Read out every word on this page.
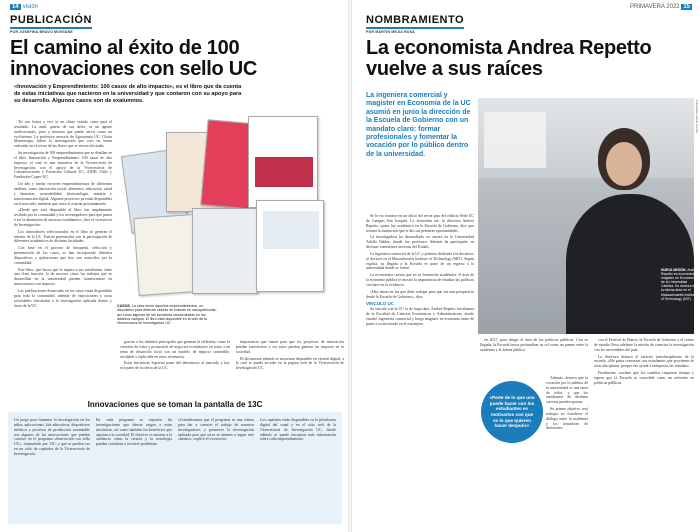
14 visión
PUBLICACIÓN
POR JOSEFINA BRAVO MONTANE
El camino al éxito de 100 innovaciones con sello UC
«Innovación y Emprendimiento: 100 casos de alto impacto», es el libro que da cuenta de estas iniciativas que nacieron en la universidad y que contaron con su apoyo para su desarrollo. Algunos casos son de exalumnos.

Tri con frutos y vivi se un cliaro vestido casos para el resultado. La amlí, quarto de sus deles, es un agente unificacionais, pero y muestra que puede servir como un ecoSistema. La profesora asesoría de Agronomía UC, Gloria Montenegro, lideró la investigación que creó un kenar enfocado en el sector de las flores que se vieron afectadas.

Su investigación de 100 emprendimientos que se detallan en el libro Innovación y Emprendimiento: 100 casos de alto impacto, el cual es una iniciativa de la Vicerrectoría de Investigación, con el apoyo de la Vicerrectoría de Comunicaciones y Extensión Cultural UC, ANID, Chile y Fundación Copec-UC.

Un año y medio recorren emprendimientos de diferentes ámbitos, como innovación social, alimentos, educación, salud y bienestar, sostenibilidad, biotecnología, minería y transformación digital. Algunos proyectos ya están disponibles en el mercado, mientras que otros lo estarán próximamente.

«Desde que está disponible el libro fue ampliamente recibido por la comunidad y los investigadores para que pasen a ser la dimensión de nuestros estudiantes», dice el vicerrector de Investigación.

Los innovadores seleccionados en el libro se generan el interior de la UC. Fueron presentados con la participación de diferentes académicos de distintas facultades.

Con base en el proceso de búsqueda, selección y presentación de los casos, se han incorporado distintos dispositivos y aplicaciones que hoy son conocidos por la comunidad.

Este libro, que busca que lo inspire a sus estudiantes, tiene una clara función: la de mostrar cómo los trabajos que se desarrollan en la universidad pueden transformarse en innovaciones con impacto.

Las publicaciones destacadas en los casos están disponibles para toda la comunidad, además de exposiciones y otras actividades vinculadas a la investigación aplicada dentro y fuera de la UC.	CASOS. La obra reúne aquellos emprendimientos, un dispositivo para detectar células de mamas en nanopartículas; así como algunas de las iniciativas desarrolladas en los distintos campus. El libro está disponible en la web de la Vicerrectoría de Investigación UC.

gracias a los distintos principales que generan la reflexión, como la creación de valor y promoción de negocios económicos en torno a un tema de desarrollo local con un modelo de negocio sostenible, escalable y replicable en otros escenarios.

Estas iniciativas lograron pasar del laboratorio al mercado y hoy son parte de la oferta de la UC.

importancia que tienen para que los proyectos de innovación puedan transferirse y así estos puedan generar un impacto en la sociedad.

El documento además se encuentra disponible en versión digital, a la cual se puede acceder en la página web de la Vicerrectoría de Investigación UC.

Innovaciones que se toman la pantalla de 13C
Un juego para fomentar la investigación en los niños, aplicaciones, kits educativos, dispositivos médicos y procesos de producción sustentable son algunos de los innovaciones que pueden conocer en el programa «Innovación con sello UC», transmitido por 13C, y que se pueden ver en un ciclo de capítulos de la Vicerrectoría de Investigación.
En cada programa se exponen las investigaciones que dieron origen a estas iniciativas, así como también los beneficios que aportan a la sociedad. El objetivo es mostrar a la audiencia cómo la ciencia y la tecnología pueden contribuir a resolver problemas.
«Consideramos que el programa es una vitrina para dar a conocer el trabajo de nuestros investigadores y promover la investigación aplicada para que otros se animen a seguir este camino», explicó el vicerrector.
Los capítulos están disponibles en la plataforma digital del canal y en el sitio web de la Vicerrectoría de Investigación UC, donde además se puede encontrar más información sobre cada emprendimiento.
PRIMAVERA 2022 15
NOMBRAMIENTO
POR MARTIN MEJIA ROSA
La economista Andrea Repetto vuelve a sus raíces
La ingeniera comercial y magíster en Economía de la UC asumió en junio la dirección de la Escuela de Gobierno con un mandato claro: formar profesionales y fomentar la vocación por lo público dentro de la universidad.
Fotografía: César Cortés
NUEVA MISIÓN. Andrea Repetto es economista y magíster en Economía de la Universidad Católica. Es doctora en la misma área en el Massachusetts Institute of Technology (MIT).

Se le vio reunirse en un oficio del tercer piso del edificio Sede UC de Campus San Joaquín. Lo recuerdan así: la directora Andrea Repetto, quien fue académica en la Escuela de Gobierno, dice que retoma la institución que le dio sus primeras oportunidades.

La investigadora ha desarrollado su carrera en la Universidad Adolfo Ibáñez, donde fue profesora. Además ha participado en diversas comisiones asesoras del Estado.

La ingeniera comercial de la UC y primero dedicada a la docencia, se doctoró en el Massachusetts Institute of Technology (MIT). Según explica, su llegada a la Escuela es parte de un regreso a la universidad donde se formó.

La economista cuenta que en su formación académica, el área de la economía pública le mostró la importancia de estudiar las políticas con base en la evidencia.

«Hay temas en los que debo trabajar para que sea una perspectiva desde la Escuela de Gobierno», dice.

VÍNCULO UC

Su vínculo con la UC es de larga data. Andrea Repetto fue alumna de la Facultad de Ciencias Económicas y Administrativas, donde estudió ingeniería comercial y luego magíster en economía antes de partir a su doctorado en el extranjero.

en 2017, para dirigir el área de las políticas públicas. Con su llegada, la Escuela busca profundizar su rol como un puente entre la academia y el debate público.

«Parte de lo que uno puede hacer con los estudiantes es motivarlos con que es lo que quieren hacer después»

Además, destaca que la vocación por lo público de la universidad es una tarea de todos, y que los estudiantes de distintas carreras pueden aportar.

Su primer objetivo será trabajar en fortalecer el diálogo entre la academia y los tomadores de decisiones.

con el Festival de Huerta, la Escuela de Gobierno y el centro de estudio lleva adelante la misión de conectar la investigación con las necesidades del país.

La directora destaca el carácter interdisciplinario de la escuela. «Me gusta conversar con estudiantes que provienen de otras disciplinas, porque eso ayuda a enriquecer las miradas».

Finalmente, sostiene que los cambios requieren tiempo y espera que la Escuela se consolide como un referente en políticas públicas.
